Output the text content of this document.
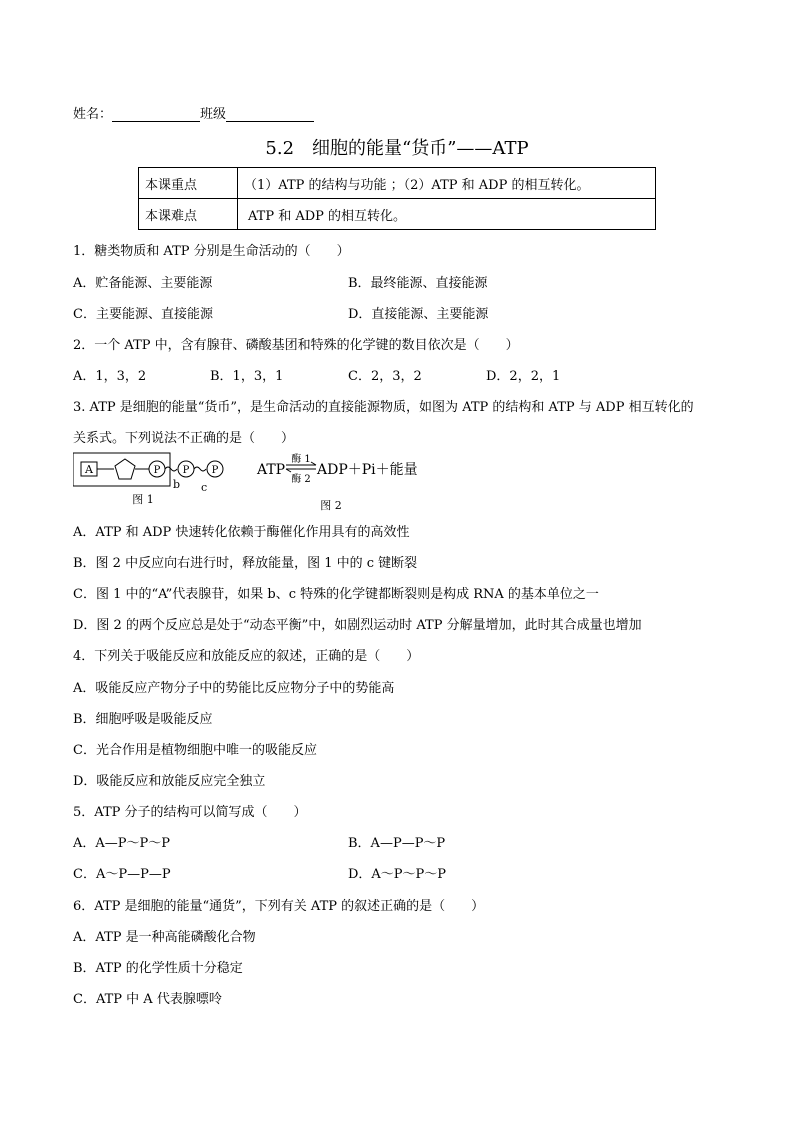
姓名：	班级
5.2　细胞的能量“货币”——ATP
本课重点	（1）ATP 的结构与功能 ；（2）ATP 和 ADP 的相互转化。
本课难点	ATP 和 ADP 的相互转化。
1．糖类物质和 ATP 分别是生命活动的（　　）
A．贮备能源、主要能源	B．最终能源、直接能源
C．主要能源、直接能源	D．直接能源、主要能源
2．一个 ATP 中，含有腺苷、磷酸基团和特殊的化学键的数目依次是（　　）
A．1，3，2	B．1，3，1	C．2，3，2	D．2，2，1
3. ATP 是细胞的能量“货币”，是生命活动的直接能源物质，如图为 ATP 的结构和 ATP 与 ADP 相互转化的
关系式。下列说法不正确的是（　　）
A	P P P
b c
图 1
ATP
酶 1
酶 2
ADP＋Pi＋能量
图 2
A．ATP 和 ADP 快速转化依赖于酶催化作用具有的高效性
B．图 2 中反应向右进行时，释放能量，图 1 中的 c 键断裂
C．图 1 中的“A”代表腺苷，如果 b、c 特殊的化学键都断裂则是构成 RNA 的基本单位之一
D．图 2 的两个反应总是处于“动态平衡”中，如剧烈运动时 ATP 分解量增加，此时其合成量也增加
4．下列关于吸能反应和放能反应的叙述，正确的是（　　）
A．吸能反应产物分子中的势能比反应物分子中的势能高
B．细胞呼吸是吸能反应
C．光合作用是植物细胞中唯一的吸能反应
D．吸能反应和放能反应完全独立
5．ATP 分子的结构可以简写成（　　）
A．A—P～P～P	B．A—P—P～P
C．A～P—P—P	D．A～P～P～P
6．ATP 是细胞的能量“通货”，下列有关 ATP 的叙述正确的是（　　）
A．ATP 是一种高能磷酸化合物
B．ATP 的化学性质十分稳定
C．ATP 中 A 代表腺嘌呤
